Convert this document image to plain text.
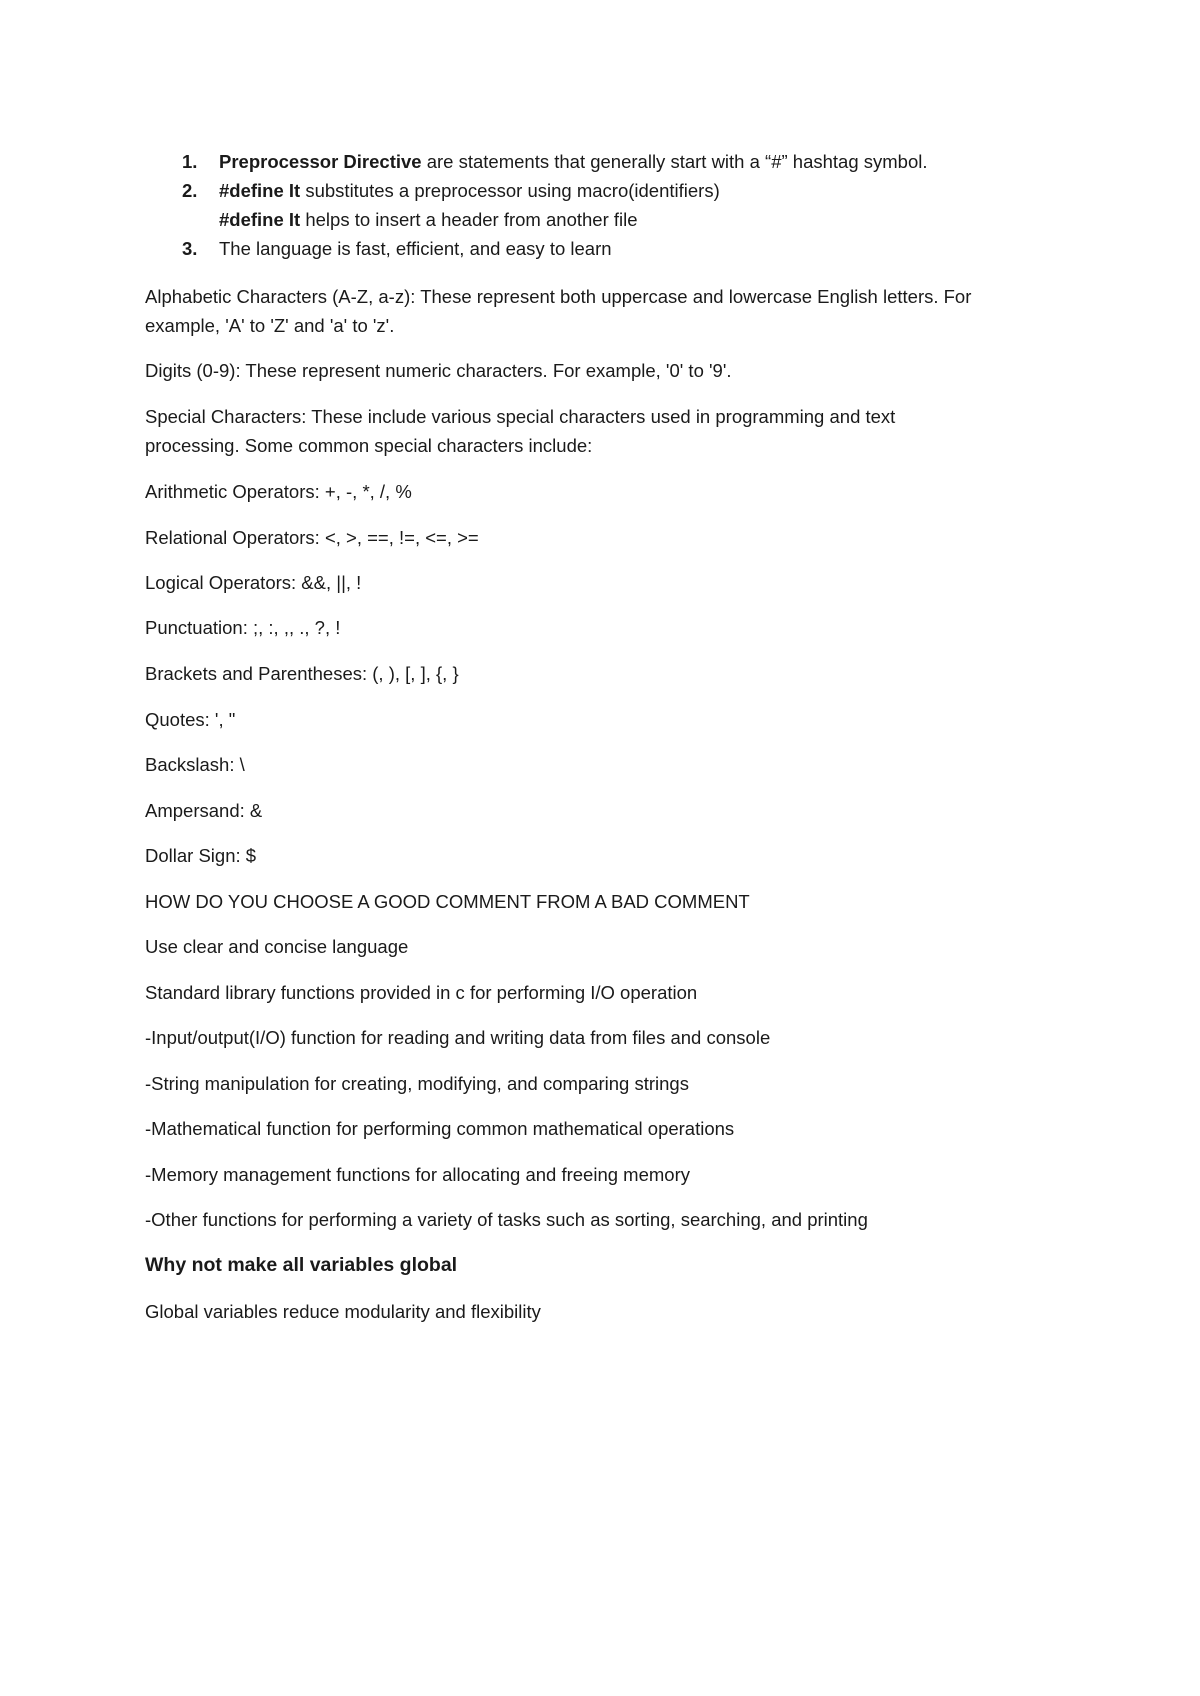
1. Preprocessor Directive are statements that generally start with a “#” hashtag symbol.
2. #define It substitutes a preprocessor using macro(identifiers)
#define It helps to insert a header from another file
3. The language is fast, efficient, and easy to learn

Alphabetic Characters (A-Z, a-z): These represent both uppercase and lowercase English letters. For

example, 'A' to 'Z' and 'a' to 'z'.

Digits (0-9): These represent numeric characters. For example, '0' to '9'.

Special Characters: These include various special characters used in programming and text

processing. Some common special characters include:

Arithmetic Operators: +, -, *, /, %

Relational Operators: <, >, ==, !=, <=, >=

Logical Operators: &&, ||, !

Punctuation: ;, :, ,, ., ?, !

Brackets and Parentheses: (, ), [, ], {, }

Quotes: ', "

Backslash: \

Ampersand: &

Dollar Sign: $

HOW DO YOU CHOOSE A GOOD COMMENT FROM A BAD COMMENT

Use clear and concise language

Standard library functions provided in c for performing I/O operation

-Input/output(I/O) function for reading and writing data from files and console

-String manipulation for creating, modifying, and comparing strings

-Mathematical function for performing common mathematical operations

-Memory management functions for allocating and freeing memory

-Other functions for performing a variety of tasks such as sorting, searching, and printing

Why not make all variables global

Global variables reduce modularity and flexibility
